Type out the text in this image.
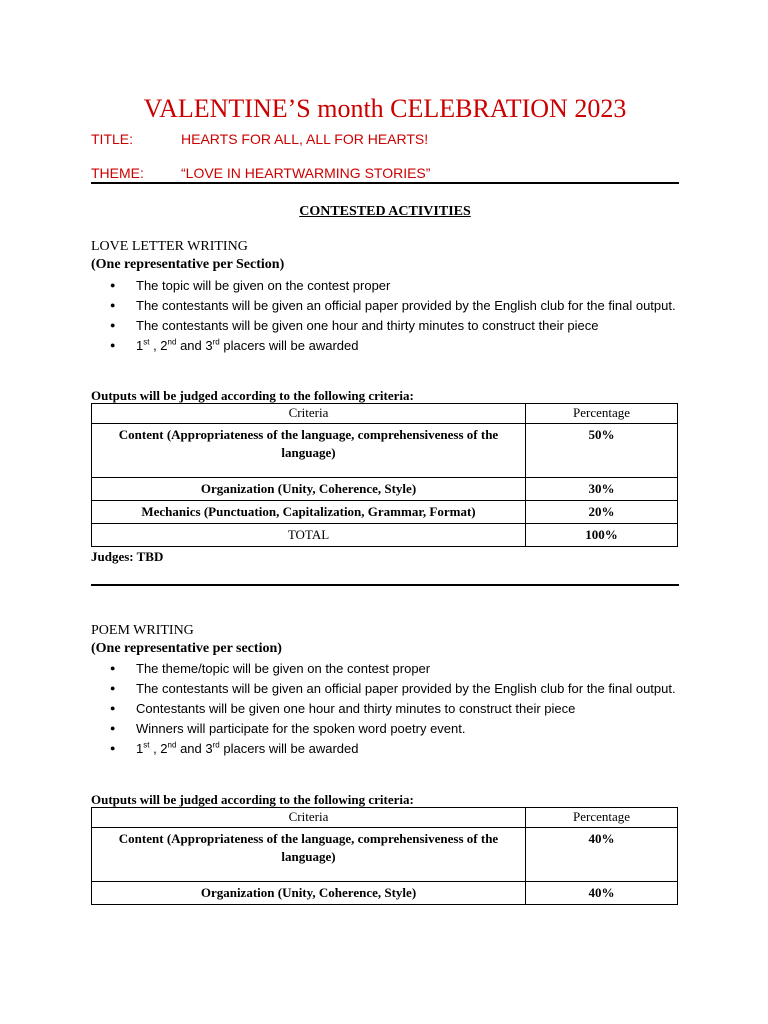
VALENTINE’S month CELEBRATION 2023
TITLE:	HEARTS FOR ALL, ALL FOR HEARTS!
THEME:	“LOVE IN HEARTWARMING STORIES”
CONTESTED ACTIVITIES
LOVE LETTER WRITING
(One representative per Section)
● The topic will be given on the contest proper
● The contestants will be given an official paper provided by the English club for the final output.
● The contestants will be given one hour and thirty minutes to construct their piece
● 1st , 2nd and 3rd placers will be awarded
Outputs will be judged according to the following criteria:
Criteria	Percentage
Content (Appropriateness of the language, comprehensiveness of the language)	50%
Organization (Unity, Coherence, Style)	30%
Mechanics (Punctuation, Capitalization, Grammar, Format)	20%
TOTAL	100%
Judges: TBD
POEM WRITING
(One representative per section)
● The theme/topic will be given on the contest proper
● The contestants will be given an official paper provided by the English club for the final output.
● Contestants will be given one hour and thirty minutes to construct their piece
● Winners will participate for the spoken word poetry event.
● 1st , 2nd and 3rd placers will be awarded
Outputs will be judged according to the following criteria:
Criteria	Percentage
Content (Appropriateness of the language, comprehensiveness of the language)	40%
Organization (Unity, Coherence, Style)	40%
